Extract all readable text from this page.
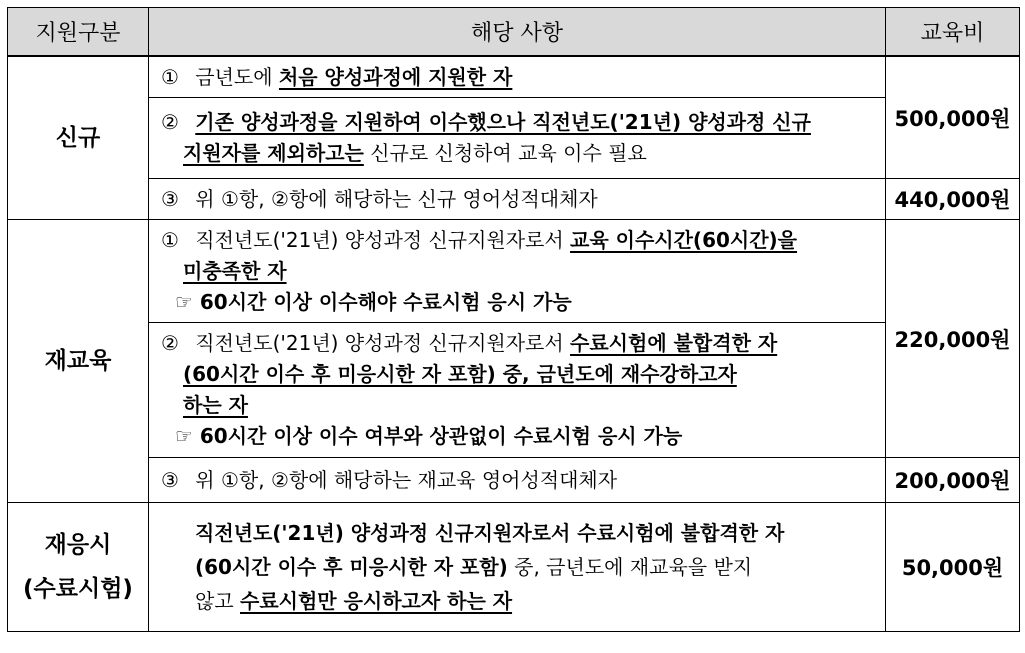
지원구분	해당 사항	교육비
신규	① 금년도에 처음 양성과정에 지원한 자	500,000원

	② 기존 양성과정을 지원하여 이수했으나 직전년도('21년) 양성과정 신규
지원자를 제외하고는 신규로 신청하여 교육 이수 필요	

	③ 위 ①항, ②항에 해당하는 신규 영어성적대체자	440,000원
재교육	① 직전년도('21년) 양성과정 신규지원자로서 교육 이수시간(60시간)을
미충족한 자
☞ 60시간 이상 이수해야 수료시험 응시 가능	220,000원

	② 직전년도('21년) 양성과정 신규지원자로서 수료시험에 불합격한 자
(60시간 이수 후 미응시한 자 포함) 중, 금년도에 재수강하고자
하는 자
☞ 60시간 이상 이수 여부와 상관없이 수료시험 응시 가능	

	③ 위 ①항, ②항에 해당하는 재교육 영어성적대체자	200,000원

재응시
(수료시험)	직전년도('21년) 양성과정 신규지원자로서 수료시험에 불합격한 자
(60시간 이수 후 미응시한 자 포함) 중, 금년도에 재교육을 받지
않고 수료시험만 응시하고자 하는 자	50,000원
